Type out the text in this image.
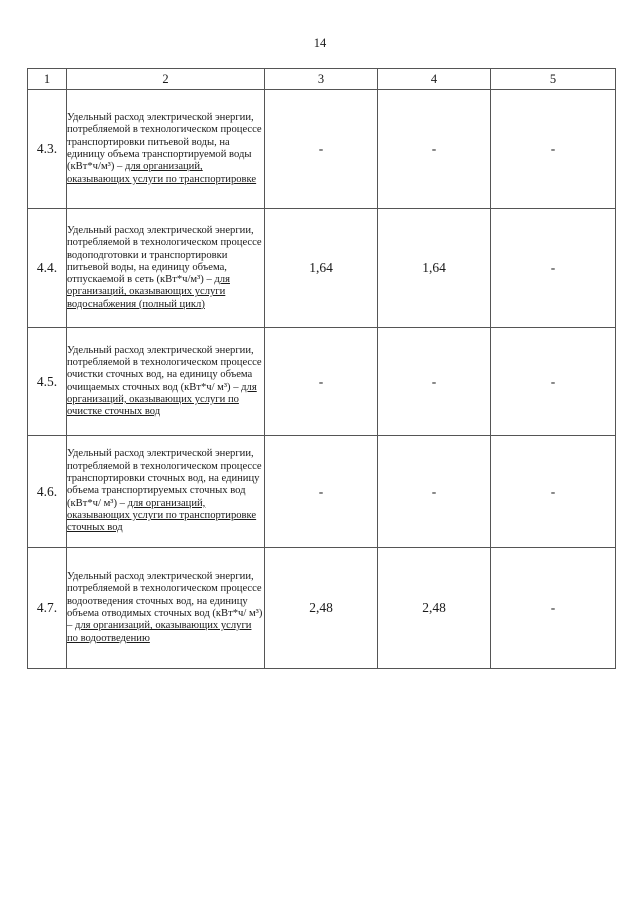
14
1	2	3	4	5
4.3.	Удельный расход электрической энергии, потребляемой в технологическом процессе транспортировки питьевой воды, на единицу объема транспортируемой воды (кВт*ч/м³) – для организаций, оказывающих услуги по транспортировке	-	-	-
4.4.	Удельный расход электрической энергии, потребляемой в технологическом процессе водоподготовки и транспортировки питьевой воды, на единицу объема, отпускаемой в сеть (кВт*ч/м³) – для организаций, оказывающих услуги водоснабжения (полный цикл)	1,64	1,64	-
4.5.	Удельный расход электрической энергии, потребляемой в технологическом процессе очистки сточных вод, на единицу объема очищаемых сточных вод (кВт*ч/ м³) – для организаций, оказывающих услуги по очистке сточных вод	-	-	-
4.6.	Удельный расход электрической энергии, потребляемой в технологическом процессе транспортировки сточных вод, на единицу объема транспортируемых сточных вод (кВт*ч/ м³) – для организаций, оказывающих услуги по транспортировке сточных вод	-	-	-
4.7.	Удельный расход электрической энергии, потребляемой в технологическом процессе водоотведения сточных вод, на единицу объема отводимых сточных вод (кВт*ч/ м³) – для организаций, оказывающих услуги по водоотведению	2,48	2,48	-
